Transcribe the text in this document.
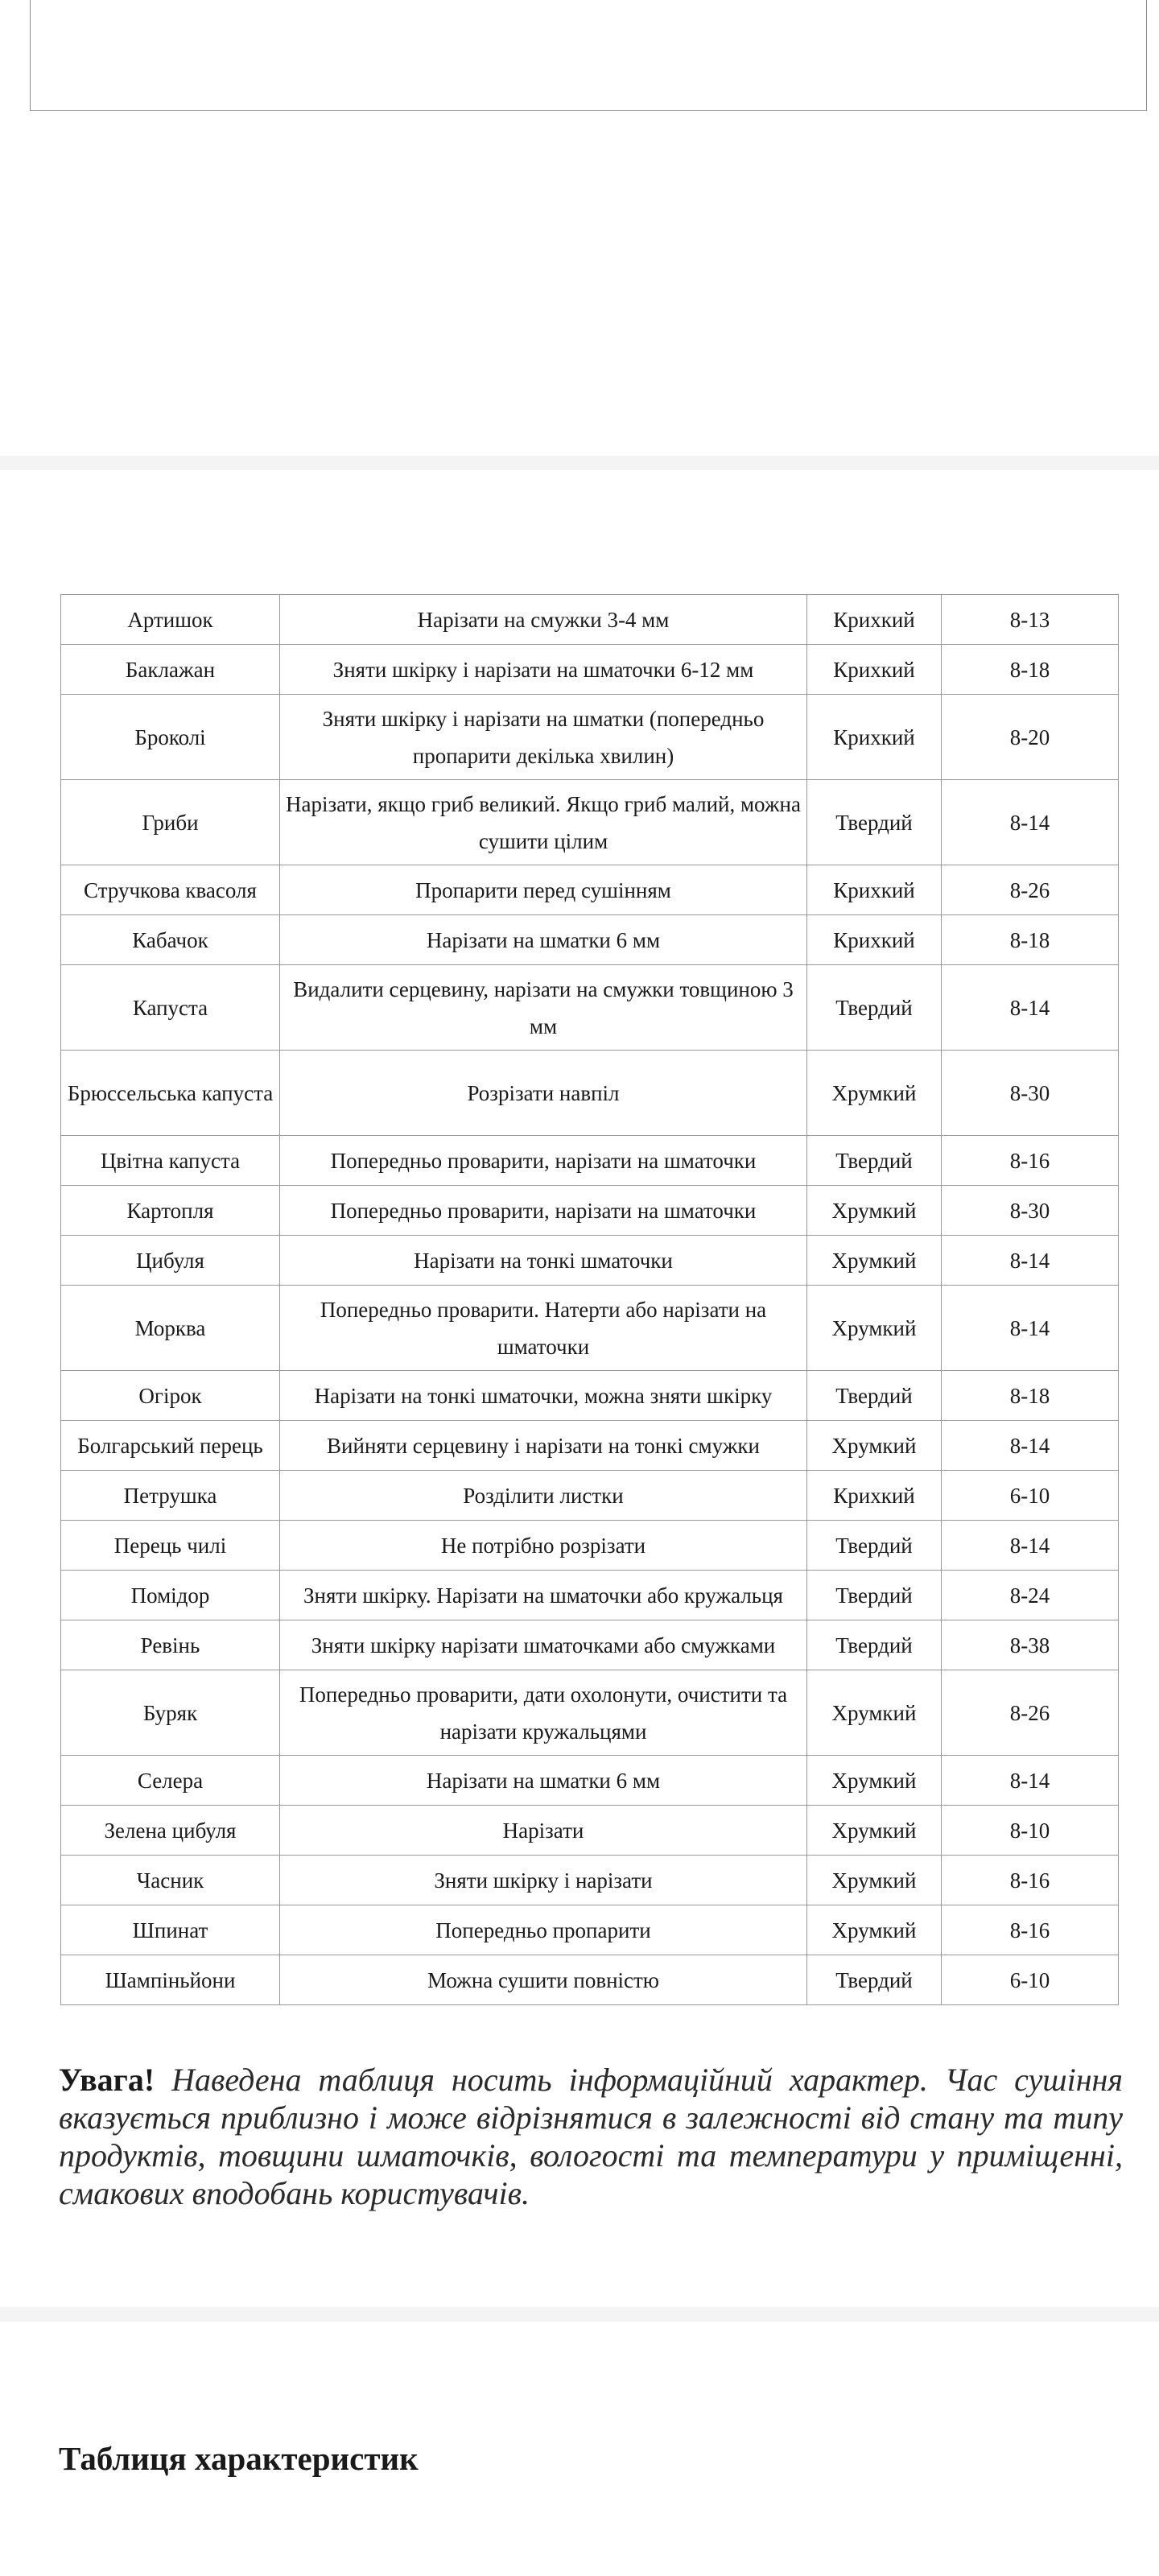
Артишок	Нарізати на смужки 3-4 мм	Крихкий	8-13
Баклажан	Зняти шкірку і нарізати на шматочки 6-12 мм	Крихкий	8-18
Броколі	Зняти шкірку і нарізати на шматки (попередньо пропарити декілька хвилин)	Крихкий	8-20
Гриби	Нарізати, якщо гриб великий. Якщо гриб малий, можна сушити цілим	Твердий	8-14
Стручкова квасоля	Пропарити перед сушінням	Крихкий	8-26
Кабачок	Нарізати на шматки 6 мм	Крихкий	8-18
Капуста	Видалити серцевину, нарізати на смужки товщиною 3 мм	Твердий	8-14
Брюссельська капуста	Розрізати навпіл	Хрумкий	8-30
Цвітна капуста	Попередньо проварити, нарізати на шматочки	Твердий	8-16
Картопля	Попередньо проварити, нарізати на шматочки	Хрумкий	8-30
Цибуля	Нарізати на тонкі шматочки	Хрумкий	8-14
Морква	Попередньо проварити. Натерти або нарізати на шматочки	Хрумкий	8-14
Огірок	Нарізати на тонкі шматочки, можна зняти шкірку	Твердий	8-18
Болгарський перець	Вийняти серцевину і нарізати на тонкі смужки	Хрумкий	8-14
Петрушка	Розділити листки	Крихкий	6-10
Перець чилі	Не потрібно розрізати	Твердий	8-14
Помідор	Зняти шкірку. Нарізати на шматочки або кружальця	Твердий	8-24
Ревінь	Зняти шкірку нарізати шматочками або смужками	Твердий	8-38
Буряк	Попередньо проварити, дати охолонути, очистити та нарізати кружальцями	Хрумкий	8-26
Селера	Нарізати на шматки 6 мм	Хрумкий	8-14
Зелена цибуля	Нарізати	Хрумкий	8-10
Часник	Зняти шкірку і нарізати	Хрумкий	8-16
Шпинат	Попередньо пропарити	Хрумкий	8-16
Шампіньйони	Можна сушити повністю	Твердий	6-10

Увага! Наведена таблиця носить інформаційний характер. Час сушіння вказується приблизно і може відрізнятися в залежності від стану та типу продуктів, товщини шматочків, вологості та температури у приміщенні, смакових вподобань користувачів.

Таблиця характеристик
